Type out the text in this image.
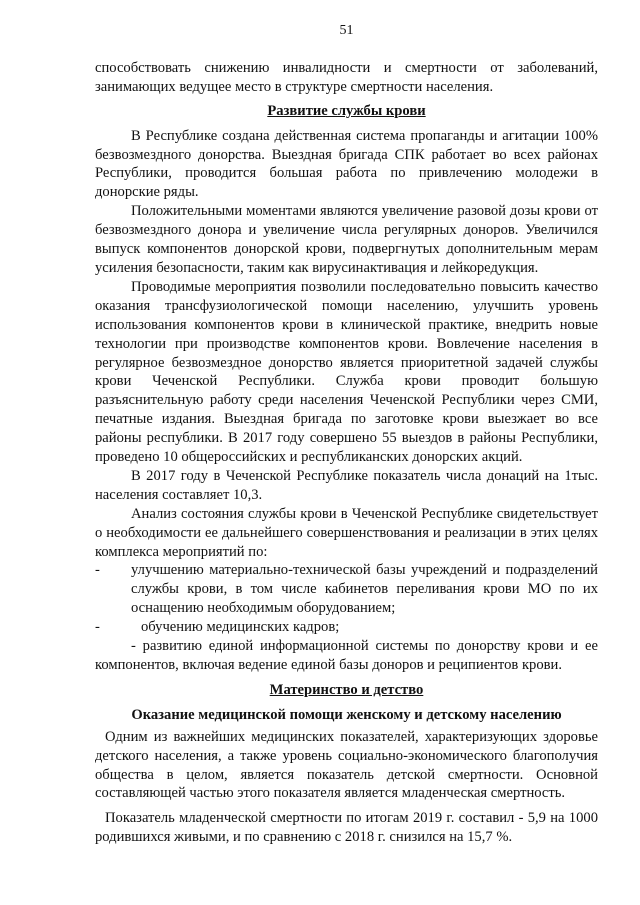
51

способствовать снижению инвалидности и смертности от заболеваний, занимающих ведущее место в структуре смертности населения.

Развитие службы крови

В Республике создана действенная система пропаганды и агитации 100% безвозмездного донорства. Выездная бригада СПК работает во всех районах Республики, проводится большая работа по привлечению молодежи в донорские ряды.

Положительными моментами являются увеличение разовой дозы крови от безвозмездного донора и увеличение числа регулярных доноров. Увеличился выпуск компонентов донорской крови, подвергнутых дополнительным мерам усиления безопасности, таким как вирусинактивация и лейкоредукция.

Проводимые мероприятия позволили последовательно повысить качество оказания трансфузиологической помощи населению, улучшить уровень использования компонентов крови в клинической практике, внедрить новые технологии при производстве компонентов крови. Вовлечение населения в регулярное безвозмездное донорство является приоритетной задачей службы крови Чеченской Республики. Служба крови проводит большую разъяснительную работу среди населения Чеченской Республики через СМИ, печатные издания. Выездная бригада по заготовке крови выезжает во все районы республики. В 2017 году совершено 55 выездов в районы Республики, проведено 10 общероссийских и республиканских донорских акций.

В 2017 году в Чеченской Республике показатель числа донаций на 1тыс. населения составляет 10,3.

Анализ состояния службы крови в Чеченской Республике свидетельствует о необходимости ее дальнейшего совершенствования и реализации в этих целях комплекса мероприятий по:

-	улучшению материально-технической базы учреждений и подразделений службы крови, в том числе кабинетов переливания крови МО по их оснащению необходимым оборудованием;
-	обучению медицинских кадров;

- развитию единой информационной системы по донорству крови и ее компонентов, включая ведение единой базы доноров и реципиентов крови.

Материнство и детство
Оказание медицинской помощи женскому и детскому населению

Одним из важнейших медицинских показателей, характеризующих здоровье детского населения, а также уровень социально-экономического благополучия общества в целом, является показатель детской смертности. Основной составляющей частью этого показателя является младенческая смертность.

Показатель младенческой смертности по итогам 2019 г. составил - 5,9 на 1000 родившихся живыми, и по сравнению с 2018 г. снизился на 15,7 %.
